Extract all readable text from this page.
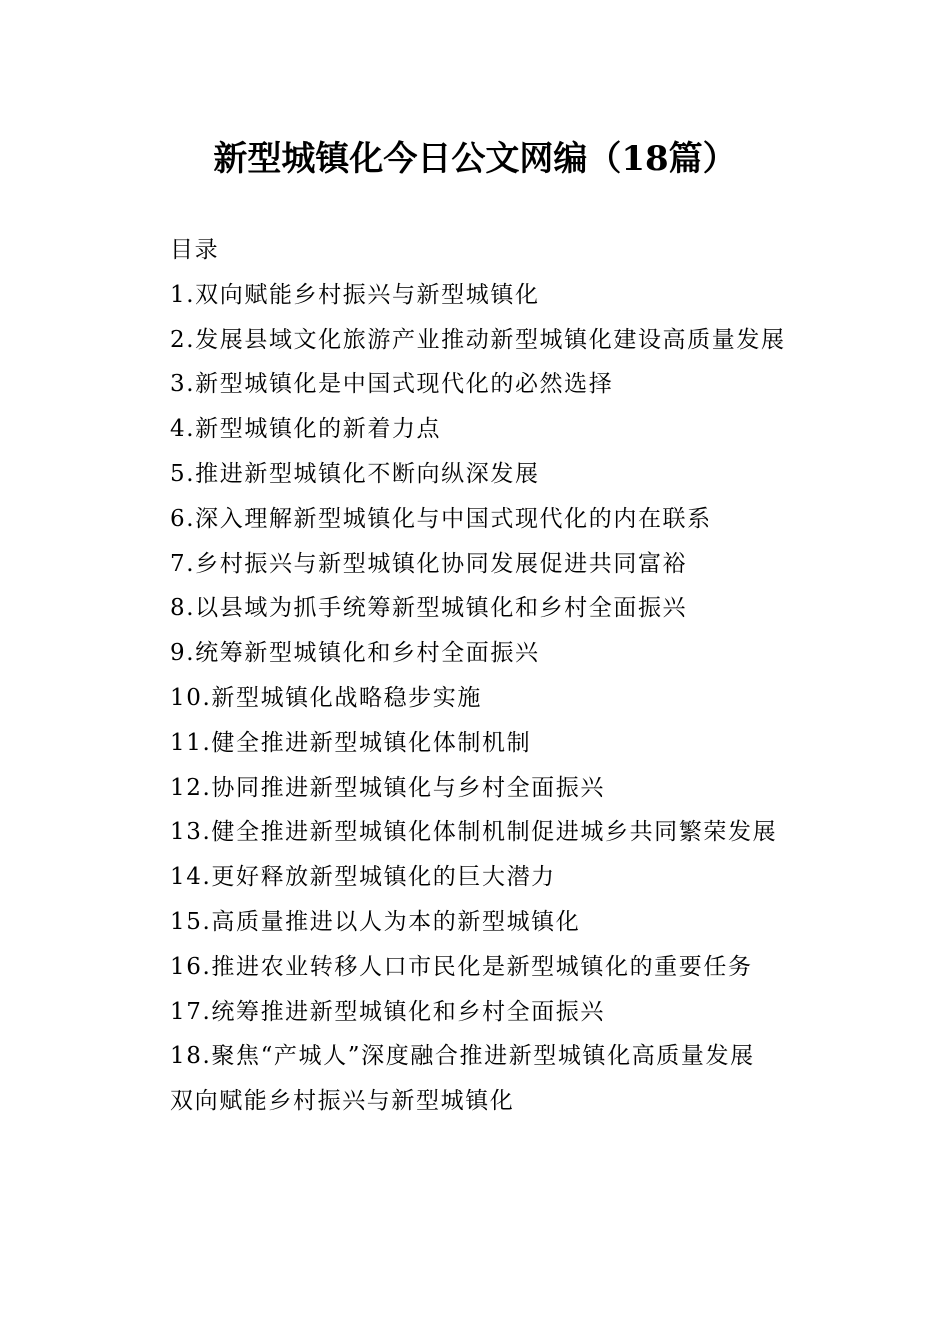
新型城镇化今日公文网编（18篇）
目录
1.双向赋能乡村振兴与新型城镇化
2.发展县域文化旅游产业推动新型城镇化建设高质量发展
3.新型城镇化是中国式现代化的必然选择
4.新型城镇化的新着力点
5.推进新型城镇化不断向纵深发展
6.深入理解新型城镇化与中国式现代化的内在联系
7.乡村振兴与新型城镇化协同发展促进共同富裕
8.以县域为抓手统筹新型城镇化和乡村全面振兴
9.统筹新型城镇化和乡村全面振兴
10.新型城镇化战略稳步实施
11.健全推进新型城镇化体制机制
12.协同推进新型城镇化与乡村全面振兴
13.健全推进新型城镇化体制机制促进城乡共同繁荣发展
14.更好释放新型城镇化的巨大潜力
15.高质量推进以人为本的新型城镇化
16.推进农业转移人口市民化是新型城镇化的重要任务
17.统筹推进新型城镇化和乡村全面振兴
18.聚焦“产城人”深度融合推进新型城镇化高质量发展
双向赋能乡村振兴与新型城镇化
